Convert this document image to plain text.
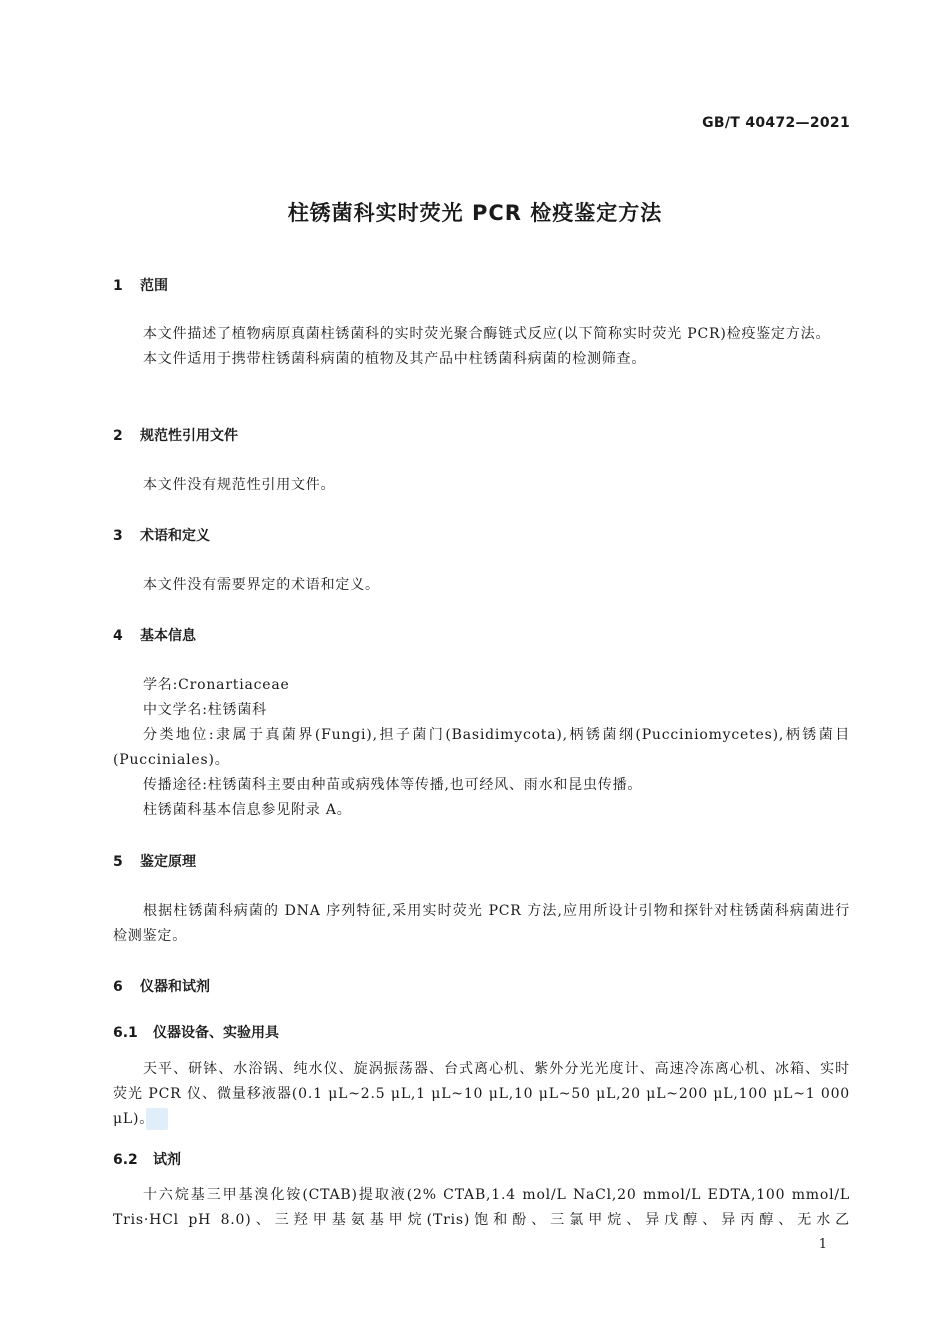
GB/T 40472—2021
柱锈菌科实时荧光 PCR 检疫鉴定方法
1 范围

本文件描述了植物病原真菌柱锈菌科的实时荧光聚合酶链式反应(以下简称实时荧光 PCR)检疫鉴定方法。

本文件适用于携带柱锈菌科病菌的植物及其产品中柱锈菌科病菌的检测筛查。

2 规范性引用文件

本文件没有规范性引用文件。

3 术语和定义

本文件没有需要界定的术语和定义。

4 基本信息

学名:Cronartiaceae

中文学名:柱锈菌科

分类地位:隶属于真菌界(Fungi),担子菌门(Basidimycota),柄锈菌纲(Pucciniomycetes),柄锈菌目(Pucciniales)。

传播途径:柱锈菌科主要由种苗或病残体等传播,也可经风、雨水和昆虫传播。

柱锈菌科基本信息参见附录 A。

5 鉴定原理

根据柱锈菌科病菌的 DNA 序列特征,采用实时荧光 PCR 方法,应用所设计引物和探针对柱锈菌科病菌进行检测鉴定。

6 仪器和试剂
6.1 仪器设备、实验用具

天平、研钵、水浴锅、纯水仪、旋涡振荡器、台式离心机、紫外分光光度计、高速冷冻离心机、冰箱、实时荧光 PCR 仪、微量移液器(0.1 μL~2.5 μL,1 μL~10 μL,10 μL~50 μL,20 μL~200 μL,100 μL~1 000 μL)。

6.2 试剂

十六烷基三甲基溴化铵(CTAB)提取液(2% CTAB,1.4 mol/L NaCl,20 mmol/L EDTA,100 mmol/L Tris·HCl pH 8.0)、三羟甲基氨基甲烷(Tris)饱和酚、三氯甲烷、异戊醇、异丙醇、无水乙

1
